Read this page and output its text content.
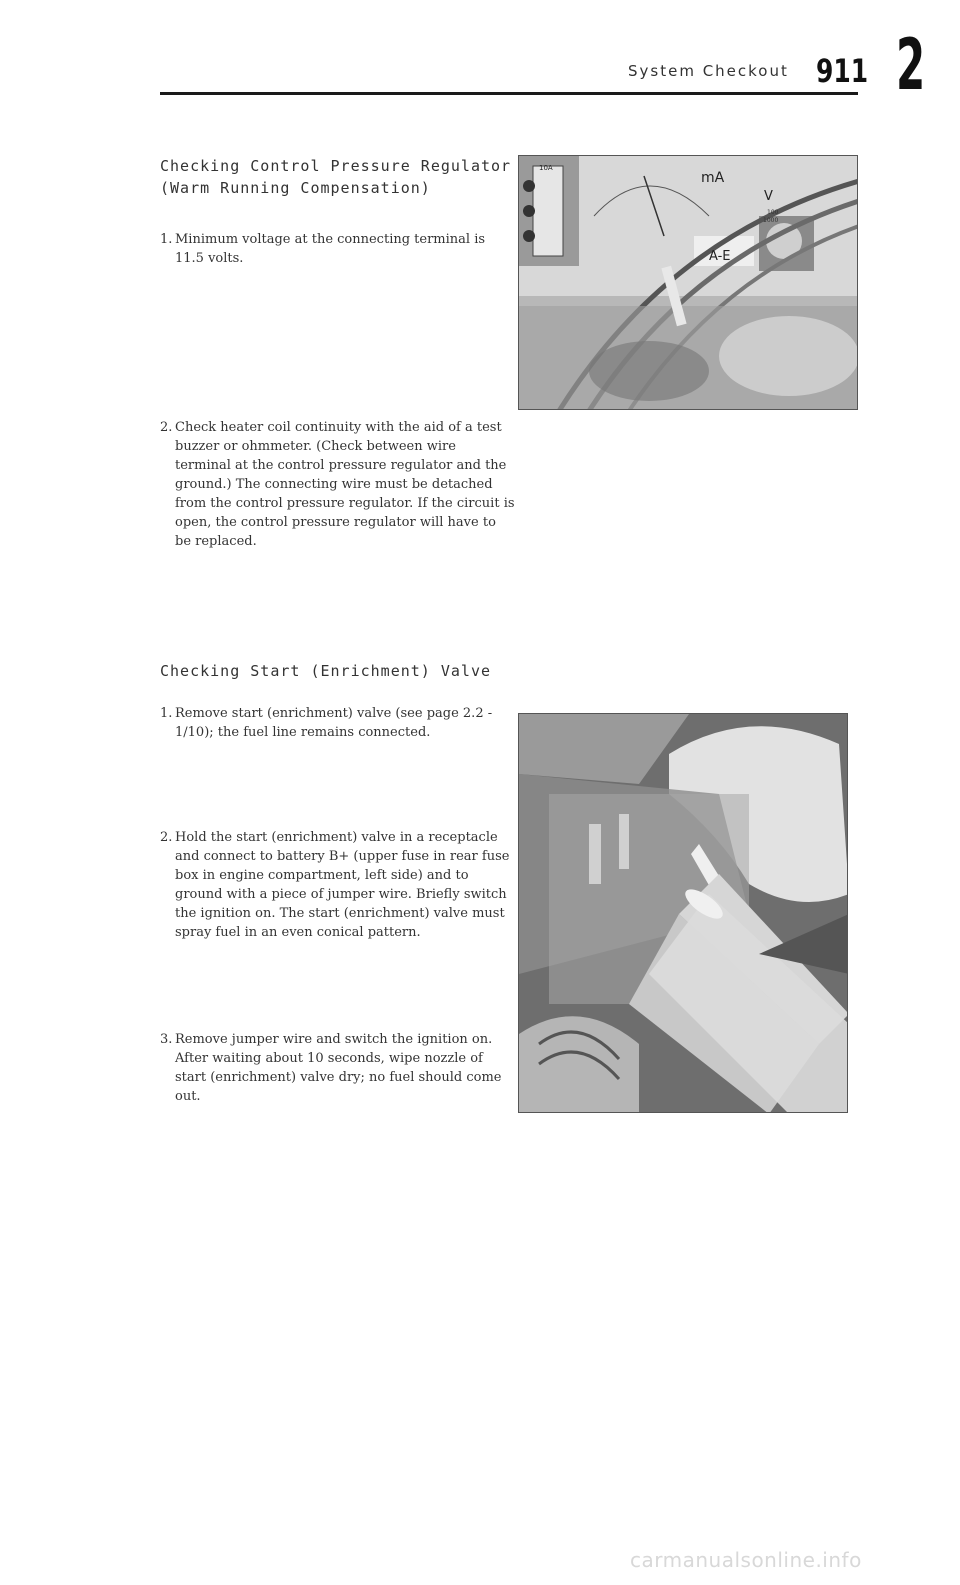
System Checkout 911 2
Checking Control Pressure Regulator
(Warm Running Compensation)
1. Minimum voltage at the connecting terminal is 11.5 volts.
2. Check heater coil continuity with the aid of a test buzzer or ohmmeter. (Check between wire terminal at the control pressure regulator and the ground.) The connecting wire must be detached from the control pressure regulator. If the circuit is open, the control pressure regulator will have to be replaced.
10A
mA
V
A-E
100
1000
Checking Start (Enrichment) Valve
1. Remove start (enrichment) valve (see page 2.2 - 1/10); the fuel line remains connected.
2. Hold the start (enrichment) valve in a receptacle and connect to battery B+ (upper fuse in rear fuse box in engine compartment, left side) and to ground with a piece of jumper wire. Briefly switch the ignition on. The start (enrichment) valve must spray fuel in an even conical pattern.
3. Remove jumper wire and switch the ignition on. After waiting about 10 seconds, wipe nozzle of start (enrichment) valve dry; no fuel should come out.
carmanualsonline.info
